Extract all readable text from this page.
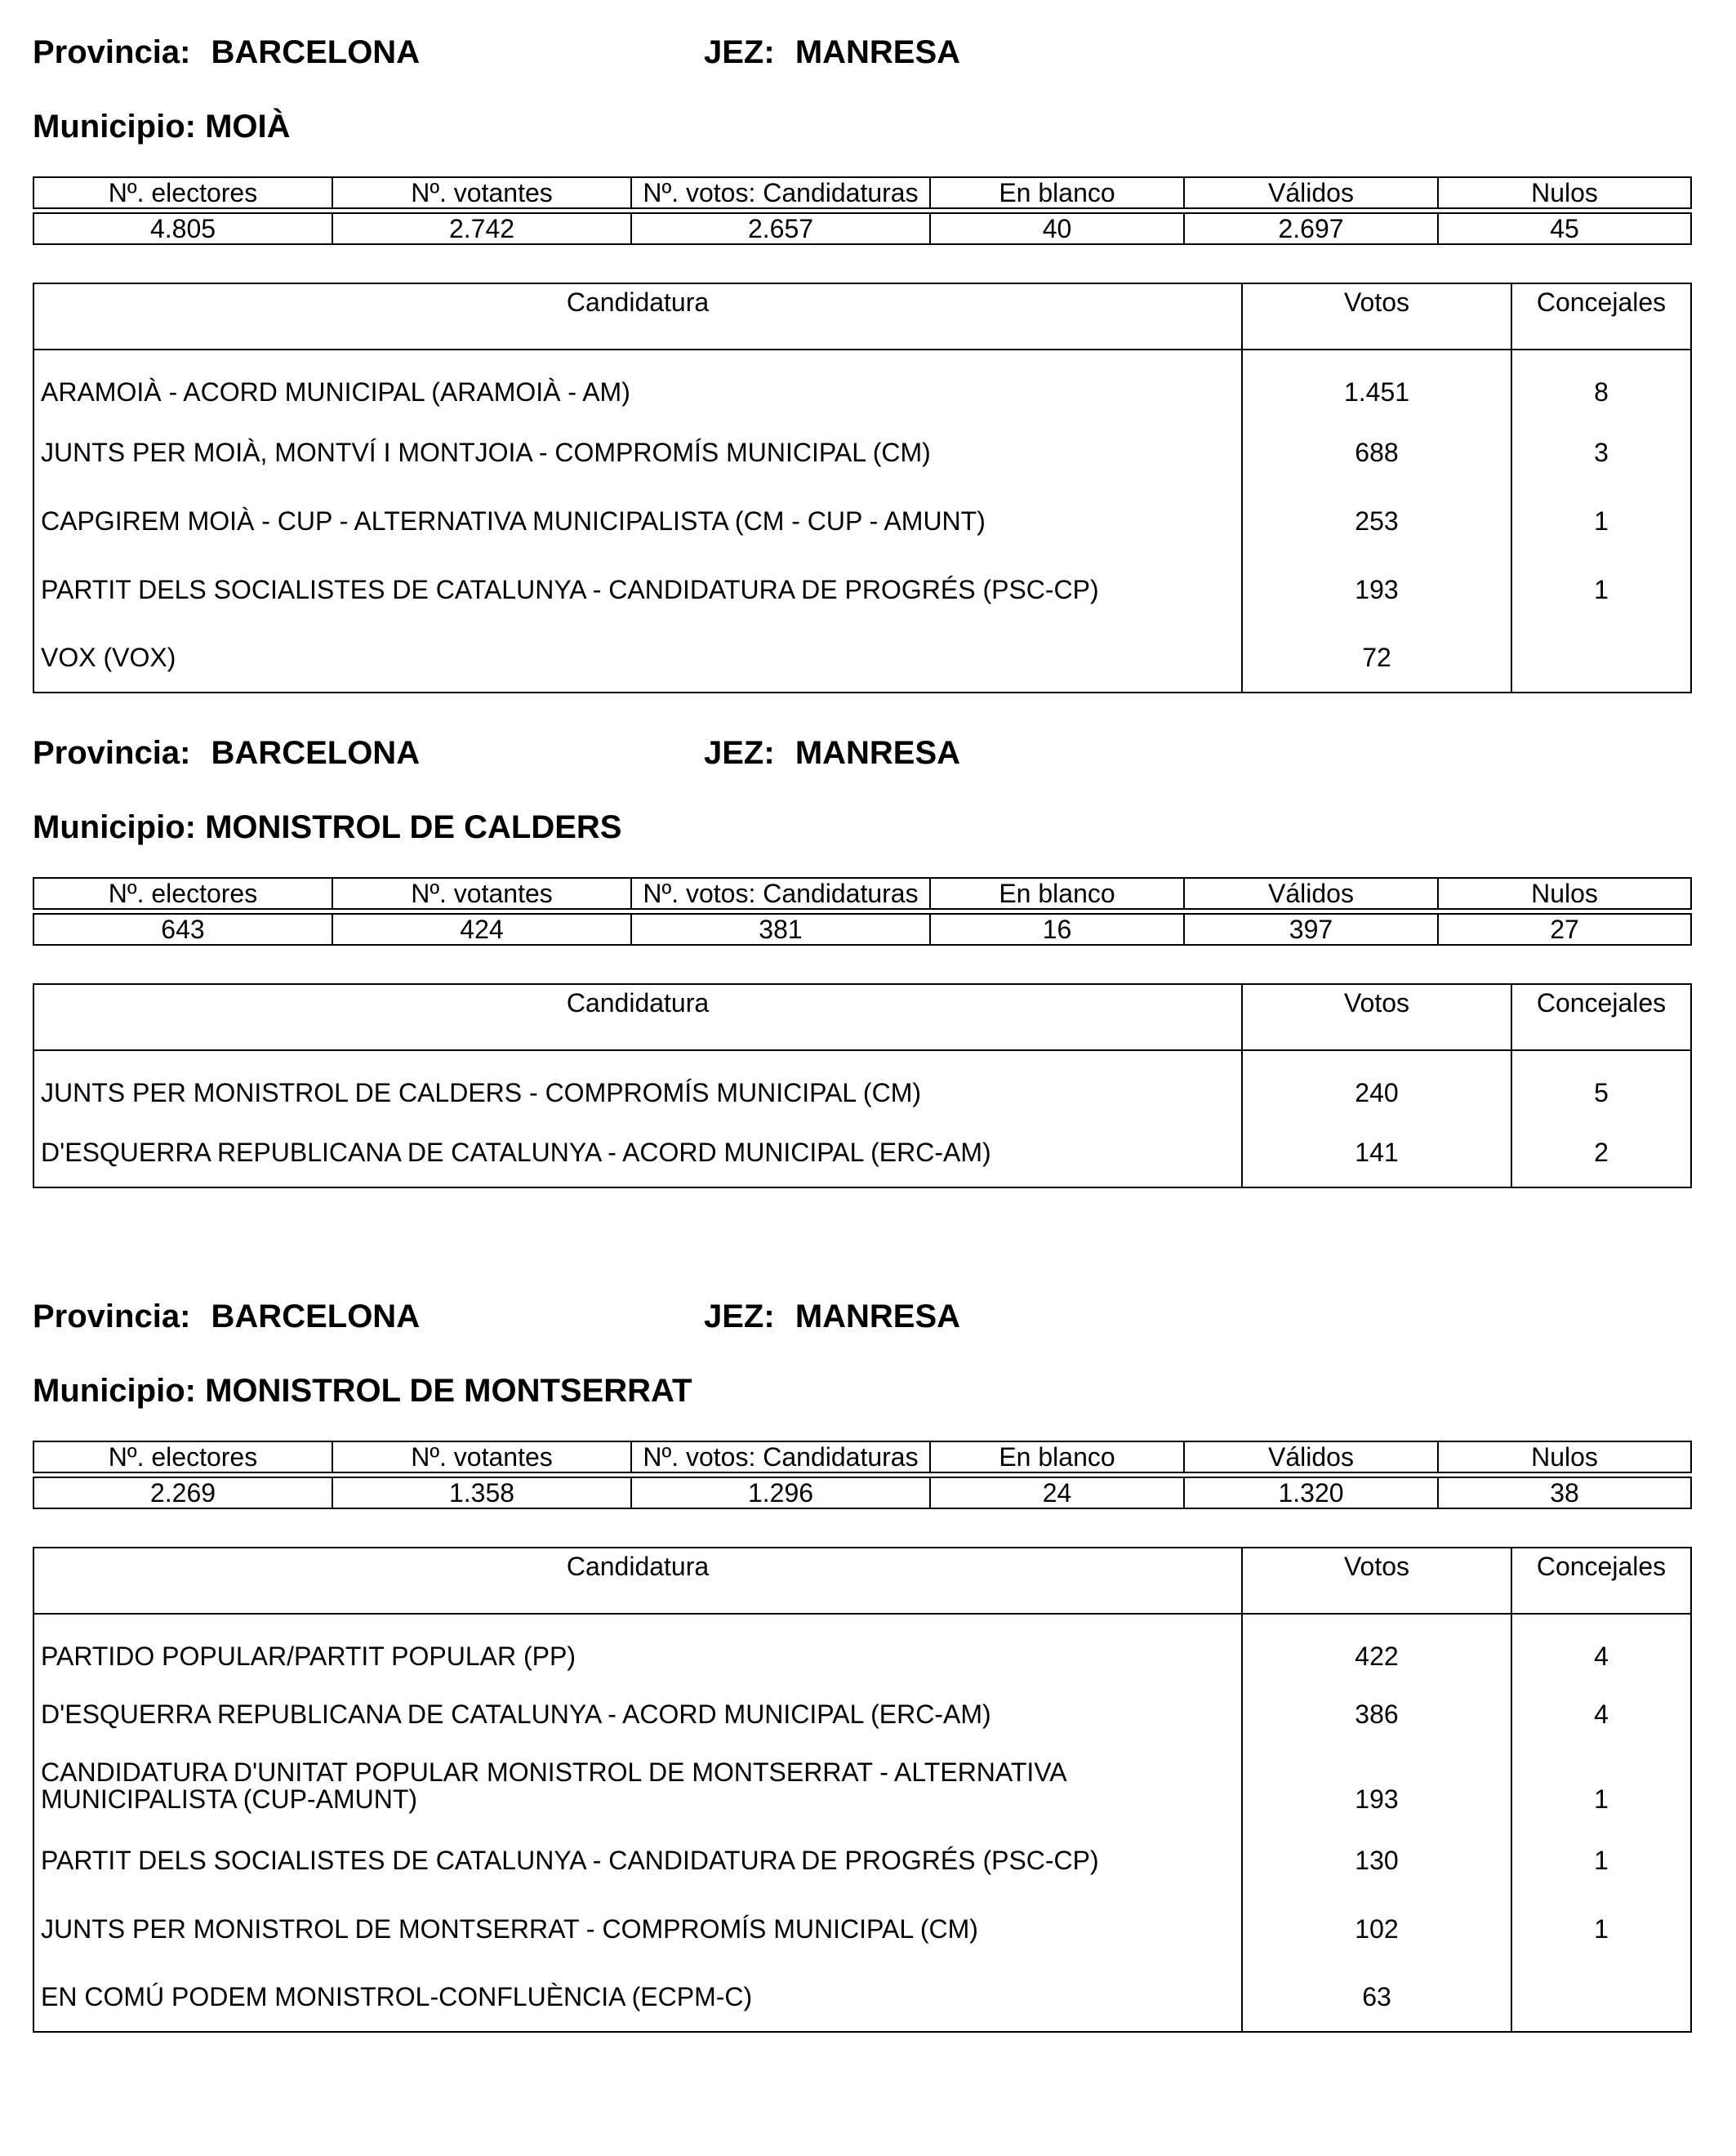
Provincia: BARCELONA	JEZ: MANRESA
Municipio: MOIÀ
Nº. electores	Nº. votantes	Nº. votos: Candidaturas	En blanco	Válidos	Nulos

4.805	2.742	2.657	40	2.697	45
Candidatura	Votos	Concejales
ARAMOIÀ - ACORD MUNICIPAL (ARAMOIÀ - AM)	1.451	8
JUNTS PER MOIÀ, MONTVÍ I MONTJOIA - COMPROMÍS MUNICIPAL (CM)	688	3
CAPGIREM MOIÀ - CUP - ALTERNATIVA MUNICIPALISTA (CM - CUP - AMUNT)	253	1
PARTIT DELS SOCIALISTES DE CATALUNYA - CANDIDATURA DE PROGRÉS (PSC-CP)	193	1
VOX (VOX)	72	
Provincia: BARCELONA	JEZ: MANRESA
Municipio: MONISTROL DE CALDERS
Nº. electores	Nº. votantes	Nº. votos: Candidaturas	En blanco	Válidos	Nulos

643	424	381	16	397	27
Candidatura	Votos	Concejales
JUNTS PER MONISTROL DE CALDERS - COMPROMÍS MUNICIPAL (CM)	240	5
D'ESQUERRA REPUBLICANA DE CATALUNYA - ACORD MUNICIPAL (ERC-AM)	141	2
Provincia: BARCELONA	JEZ: MANRESA
Municipio: MONISTROL DE MONTSERRAT
Nº. electores	Nº. votantes	Nº. votos: Candidaturas	En blanco	Válidos	Nulos

2.269	1.358	1.296	24	1.320	38
Candidatura	Votos	Concejales
PARTIDO POPULAR/PARTIT POPULAR (PP)	422	4
D'ESQUERRA REPUBLICANA DE CATALUNYA - ACORD MUNICIPAL (ERC-AM)	386	4
CANDIDATURA D'UNITAT POPULAR MONISTROL DE MONTSERRAT - ALTERNATIVA MUNICIPALISTA (CUP-AMUNT)	193	1
PARTIT DELS SOCIALISTES DE CATALUNYA - CANDIDATURA DE PROGRÉS (PSC-CP)	130	1
JUNTS PER MONISTROL DE MONTSERRAT - COMPROMÍS MUNICIPAL (CM)	102	1
EN COMÚ PODEM MONISTROL-CONFLUÈNCIA (ECPM-C)	63	
